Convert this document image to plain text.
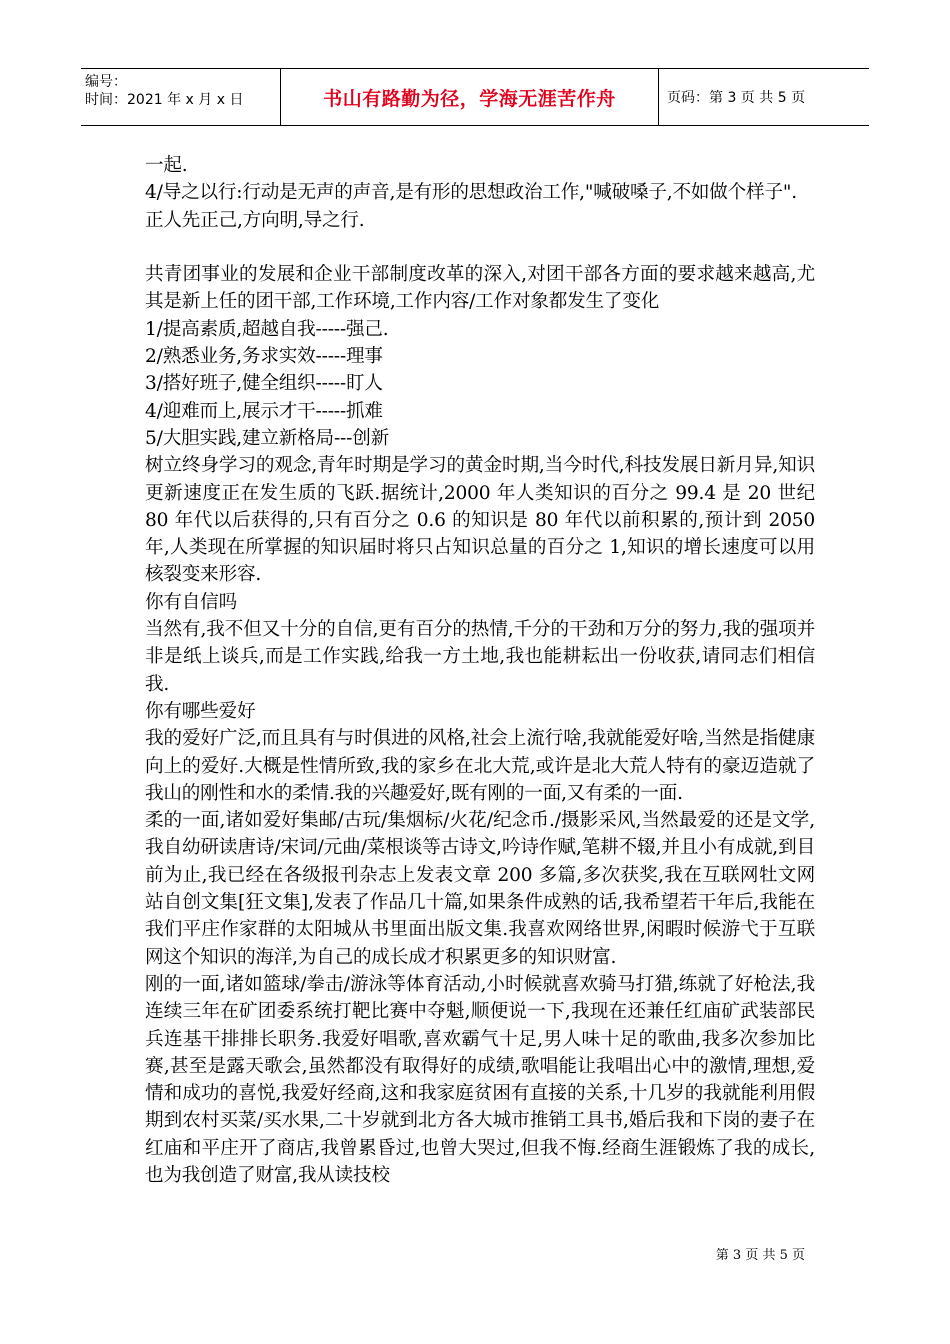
编号：
时间：2021 年 x 月 x 日	书山有路勤为径，学海无涯苦作舟	页码：第 3 页 共 5 页

一起.

4/导之以行:行动是无声的声音,是有形的思想政治工作,"喊破嗓子,不如做个样子".

正人先正己,方向明,导之行.

共青团事业的发展和企业干部制度改革的深入,对团干部各方面的要求越来越高,尤其是新上任的团干部,工作环境,工作内容/工作对象都发生了变化

1/提高素质,超越自我-----强己.

2/熟悉业务,务求实效-----理事

3/搭好班子,健全组织-----盯人

4/迎难而上,展示才干-----抓难

5/大胆实践,建立新格局---创新

树立终身学习的观念,青年时期是学习的黄金时期,当今时代,科技发展日新月异,知识更新速度正在发生质的飞跃.据统计,2000 年人类知识的百分之 99.4 是 20 世纪 80 年代以后获得的,只有百分之 0.6 的知识是 80 年代以前积累的,预计到 2050 年,人类现在所掌握的知识届时将只占知识总量的百分之 1,知识的增长速度可以用核裂变来形容.

你有自信吗

当然有,我不但又十分的自信,更有百分的热情,千分的干劲和万分的努力,我的强项并非是纸上谈兵,而是工作实践,给我一方土地,我也能耕耘出一份收获,请同志们相信我.

你有哪些爱好

我的爱好广泛,而且具有与时俱进的风格,社会上流行啥,我就能爱好啥,当然是指健康向上的爱好.大概是性情所致,我的家乡在北大荒,或许是北大荒人特有的豪迈造就了我山的刚性和水的柔情.我的兴趣爱好,既有刚的一面,又有柔的一面.

柔的一面,诸如爱好集邮/古玩/集烟标/火花/纪念币./摄影采风,当然最爱的还是文学,我自幼研读唐诗/宋词/元曲/菜根谈等古诗文,吟诗作赋,笔耕不辍,并且小有成就,到目前为止,我已经在各级报刊杂志上发表文章 200 多篇,多次获奖,我在互联网牡文网站自创文集[狂文集],发表了作品几十篇,如果条件成熟的话,我希望若干年后,我能在我们平庄作家群的太阳城从书里面出版文集.我喜欢网络世界,闲暇时候游弋于互联网这个知识的海洋,为自己的成长成才积累更多的知识财富.

刚的一面,诸如篮球/拳击/游泳等体育活动,小时候就喜欢骑马打猎,练就了好枪法,我连续三年在矿团委系统打靶比赛中夺魁,顺便说一下,我现在还兼任红庙矿武装部民兵连基干排排长职务.我爱好唱歌,喜欢霸气十足,男人味十足的歌曲,我多次参加比赛,甚至是露天歌会,虽然都没有取得好的成绩,歌唱能让我唱出心中的激情,理想,爱情和成功的喜悦,我爱好经商,这和我家庭贫困有直接的关系,十几岁的我就能利用假期到农村买菜/买水果,二十岁就到北方各大城市推销工具书,婚后我和下岗的妻子在红庙和平庄开了商店,我曾累昏过,也曾大哭过,但我不悔.经商生涯锻炼了我的成长,也为我创造了财富,我从读技校

第 3 页 共 5 页
